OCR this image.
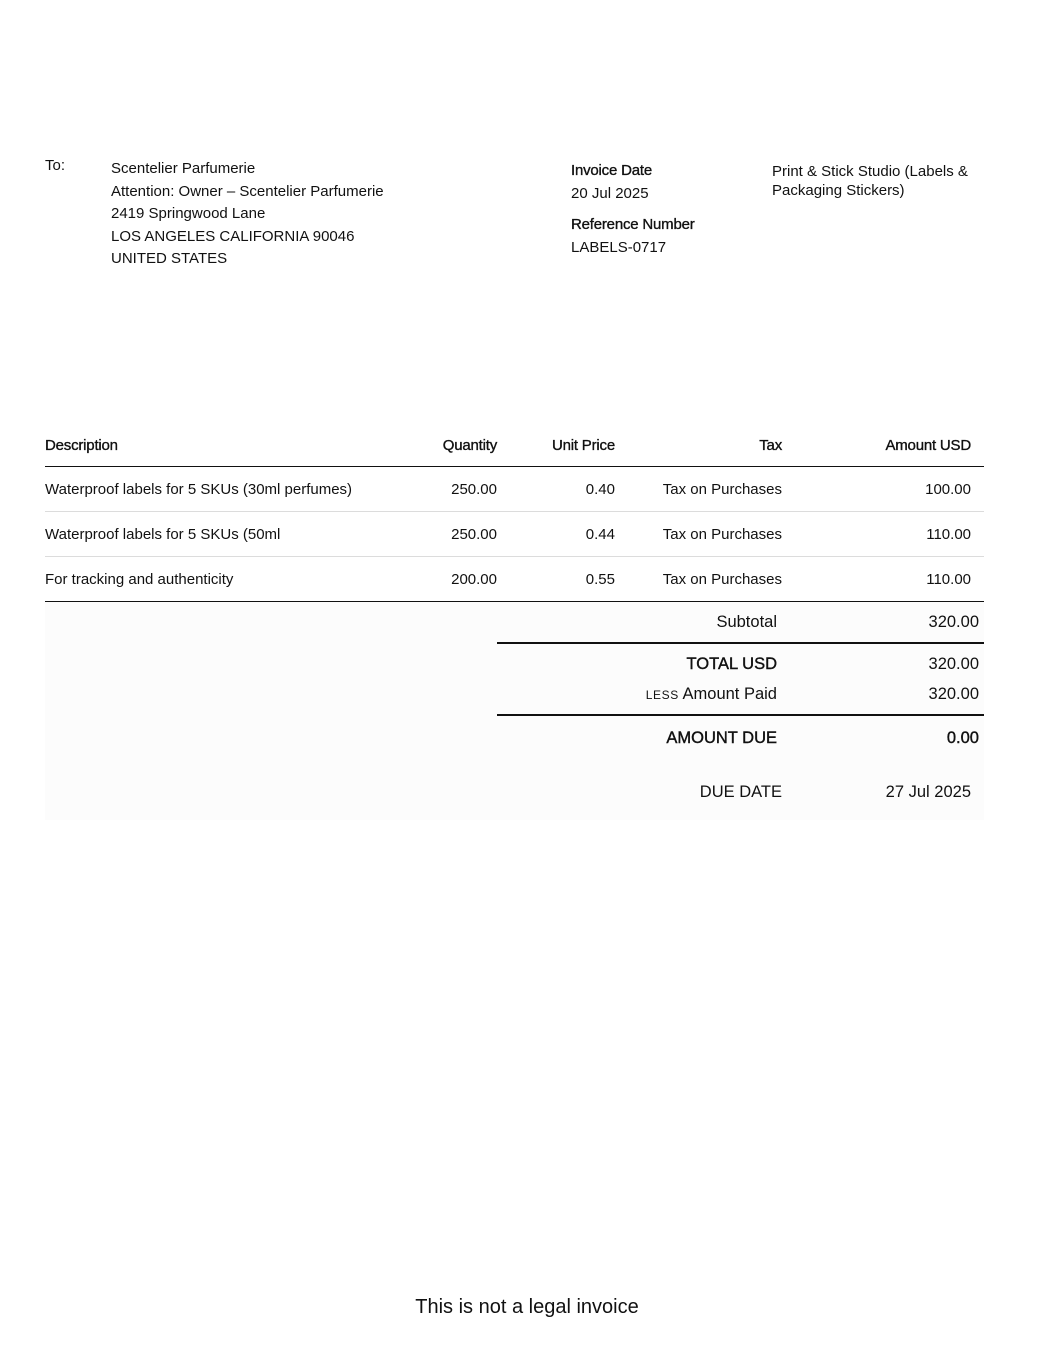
To:	Scentelier Parfumerie
Attention: Owner – Scentelier Parfumerie
2419 Springwood Lane
LOS ANGELES CALIFORNIA 90046
UNITED STATES
Invoice Date
20 Jul 2025
Reference Number
LABELS-0717
Print & Stick Studio (Labels & Packaging Stickers)
Description	Quantity	Unit Price	Tax	Amount USD
Waterproof labels for 5 SKUs (30ml perfumes)	250.00	0.40	Tax on Purchases	100.00
Waterproof labels for 5 SKUs (50ml	250.00	0.44	Tax on Purchases	110.00
For tracking and authenticity	200.00	0.55	Tax on Purchases	110.00
Subtotal	320.00
TOTAL USD	320.00
LESS Amount Paid	320.00
AMOUNT DUE	0.00
DUE DATE	27 Jul 2025
This is not a legal invoice
